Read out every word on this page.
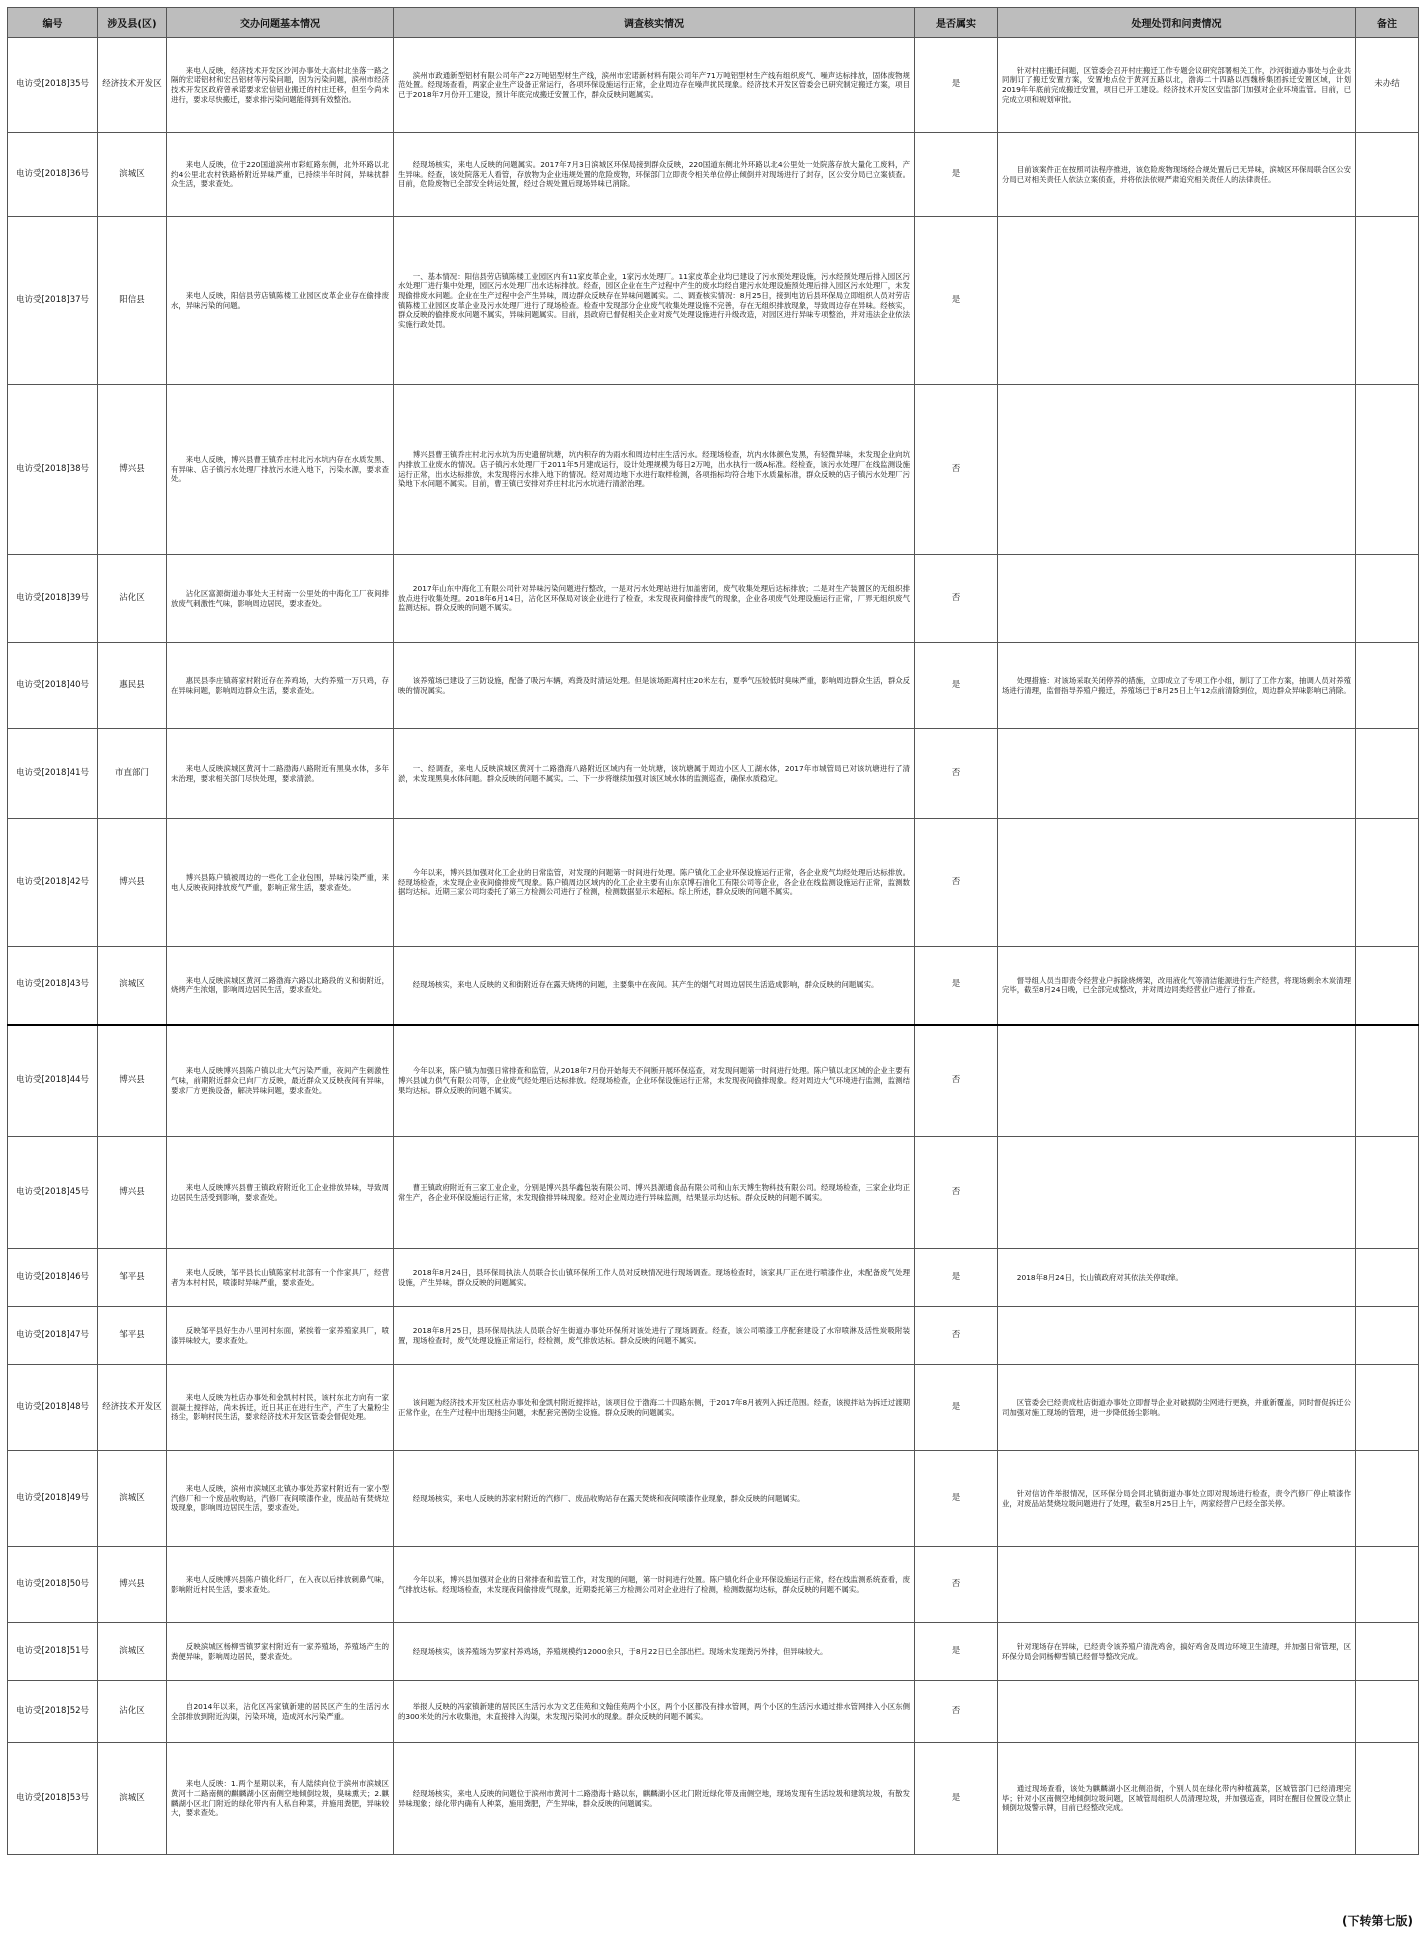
编号	涉及县(区)	交办问题基本情况	调查核实情况	是否属实	处理处罚和问责情况	备注
电访受[2018]35号	经济技术开发区	来电人反映，经济技术开发区沙河办事处大高村北坐落一路之隔的宏诺铝材和宏吕铝材等污染问题，因为污染问题，滨州市经济技术开发区政府曾承诺要求宏信铝业搬迁的村庄迁移，但至今尚未进行，要求尽快搬迁，要求排污染问题能得到有效整治。	滨州市政通新型铝材有限公司年产22万吨铝型材生产线，滨州市宏诺新材料有限公司年产71万吨铝型材生产线有组织废气、噪声达标排放，固体废物规范处置。经现场查看，两家企业生产设备正常运行，各项环保设施运行正常，企业周边存在噪声扰民现象。经济技术开发区管委会已研究制定搬迁方案，项目已于2018年7月份开工建设，预计年底完成搬迁安置工作，群众反映问题属实。	是	针对村庄搬迁问题，区管委会召开村庄搬迁工作专题会议研究部署相关工作，沙河街道办事处与企业共同制订了搬迁安置方案，安置地点位于黄河五路以北，渤海二十四路以西魏桥集团拆迁安置区域，计划2019年年底前完成搬迁安置，项目已开工建设。经济技术开发区安监部门加强对企业环境监管。目前，已完成立项和规划审批。	未办结
电访受[2018]36号	滨城区	来电人反映，位于220国道滨州市彩虹路东侧，北外环路以北约4公里北农村铁路桥附近异味严重，已持续半年时间，异味扰群众生活，要求查处。	经现场核实，来电人反映的问题属实。2017年7月3日滨城区环保局接到群众反映，220国道东侧北外环路以北4公里处一处院落存放大量化工废料，产生异味。经查，该处院落无人看管，存放物为企业违规处置的危险废物，环保部门立即责令相关单位停止倾倒并对现场进行了封存，区公安分局已立案侦查。目前，危险废物已全部安全转运处置，经过合规处置后现场异味已消除。	是	目前该案件正在按照司法程序推进，该危险废物现场经合规处置后已无异味，滨城区环保局联合区公安分局已对相关责任人依法立案侦查，并将依法依规严肃追究相关责任人的法律责任。	
电访受[2018]37号	阳信县	来电人反映，阳信县劳店镇陈楼工业园区皮革企业存在偷排废水，异味污染的问题。	一、基本情况：阳信县劳店镇陈楼工业园区内有11家皮革企业，1家污水处理厂。11家皮革企业均已建设了污水预处理设施，污水经预处理后排入园区污水处理厂进行集中处理，园区污水处理厂出水达标排放。经查，园区企业在生产过程中产生的废水均经自建污水处理设施预处理后排入园区污水处理厂，未发现偷排废水问题。企业在生产过程中会产生异味，周边群众反映存在异味问题属实。二、调查核实情况：8月25日，接到电访后县环保局立即组织人员对劳店镇陈楼工业园区皮革企业及污水处理厂进行了现场检查。检查中发现部分企业废气收集处理设施不完善，存在无组织排放现象，导致周边存在异味。经核实，群众反映的偷排废水问题不属实，异味问题属实。目前，县政府已督促相关企业对废气处理设施进行升级改造，对园区进行异味专项整治，并对违法企业依法实施行政处罚。	是		
电访受[2018]38号	博兴县	来电人反映，博兴县曹王镇乔庄村北污水坑内存在水质发黑、有异味、店子镇污水处理厂排放污水进入地下，污染水源，要求查处。	博兴县曹王镇乔庄村北污水坑为历史遗留坑塘，坑内积存的为雨水和周边村庄生活污水。经现场检查，坑内水体颜色发黑，有轻微异味，未发现企业向坑内排放工业废水的情况。店子镇污水处理厂于2011年5月建成运行，设计处理规模为每日2万吨，出水执行一级A标准。经检查，该污水处理厂在线监测设施运行正常，出水达标排放，未发现将污水排入地下的情况。经对周边地下水进行取样检测，各项指标均符合地下水质量标准，群众反映的店子镇污水处理厂污染地下水问题不属实。目前，曹王镇已安排对乔庄村北污水坑进行清淤治理。	否		
电访受[2018]39号	沾化区	沾化区富源街道办事处大王村南一公里处的中海化工厂夜间排放废气刺激性气味，影响周边居民，要求查处。	2017年山东中海化工有限公司针对异味污染问题进行整改，一是对污水处理站进行加盖密闭，废气收集处理后达标排放；二是对生产装置区的无组织排放点进行收集处理。2018年6月14日，沾化区环保局对该企业进行了检查，未发现夜间偷排废气的现象，企业各项废气处理设施运行正常，厂界无组织废气监测达标。群众反映的问题不属实。	否		
电访受[2018]40号	惠民县	惠民县李庄镇蒋家村附近存在养鸡场，大约养殖一万只鸡，存在异味问题，影响周边群众生活，要求查处。	该养殖场已建设了三防设施，配备了吸污车辆，鸡粪及时清运处理。但是该场距离村庄20米左右，夏季气压较低时臭味严重，影响周边群众生活，群众反映的情况属实。	是	处理措施：对该场采取关闭停养的措施，立即成立了专项工作小组，制订了工作方案，抽调人员对养殖场进行清理，监督指导养殖户搬迁，养殖场已于8月25日上午12点前清除到位，周边群众异味影响已消除。	
电访受[2018]41号	市直部门	来电人反映滨城区黄河十二路渤海八路附近有黑臭水体，多年未治理，要求相关部门尽快处理，要求清淤。	一、经调查，来电人反映滨城区黄河十二路渤海八路附近区域内有一处坑塘，该坑塘属于周边小区人工湖水体，2017年市城管局已对该坑塘进行了清淤，未发现黑臭水体问题。群众反映的问题不属实。二、下一步将继续加强对该区域水体的监测巡查，确保水质稳定。	否		
电访受[2018]42号	博兴县	博兴县陈户镇被周边的一些化工企业包围，异味污染严重，来电人反映夜间排放废气严重，影响正常生活，要求查处。	今年以来，博兴县加强对化工企业的日常监管，对发现的问题第一时间进行处理。陈户镇化工企业环保设施运行正常，各企业废气均经处理后达标排放。经现场检查，未发现企业夜间偷排废气现象。陈户镇周边区域内的化工企业主要有山东京博石油化工有限公司等企业，各企业在线监测设施运行正常，监测数据均达标。近期三家公司均委托了第三方检测公司进行了检测，检测数据显示未超标。综上所述，群众反映的问题不属实。	否		
电访受[2018]43号	滨城区	来电人反映滨城区黄河二路渤海六路以北路段的义和街附近，烧烤产生浓烟，影响周边居民生活，要求查处。	经现场核实，来电人反映的义和街附近存在露天烧烤的问题，主要集中在夜间。其产生的烟气对周边居民生活造成影响，群众反映的问题属实。	是	督导组人员当即责令经营业户拆除烧烤架，改用液化气等清洁能源进行生产经营，将现场剩余木炭清理完毕，截至8月24日晚，已全部完成整改，并对周边同类经营业户进行了排查。	
电访受[2018]44号	博兴县	来电人反映博兴县陈户镇以北大气污染严重，夜间产生刺激性气味，前期附近群众已向厂方反映，最近群众又反映夜间有异味，要求厂方更换设备，解决异味问题，要求查处。	今年以来，陈户镇为加强日常排查和监管，从2018年7月份开始每天不间断开展环保巡查，对发现问题第一时间进行处理。陈户镇以北区域的企业主要有博兴县诚力供气有限公司等，企业废气经处理后达标排放。经现场检查，企业环保设施运行正常，未发现夜间偷排现象。经对周边大气环境进行监测，监测结果均达标。群众反映的问题不属实。	否		
电访受[2018]45号	博兴县	来电人反映博兴县曹王镇政府附近化工企业排放异味，导致周边居民生活受到影响，要求查处。	曹王镇政府附近有三家工业企业，分别是博兴县华鑫包装有限公司、博兴县源通食品有限公司和山东天博生物科技有限公司。经现场检查，三家企业均正常生产，各企业环保设施运行正常，未发现偷排异味现象。经对企业周边进行异味监测，结果显示均达标。群众反映的问题不属实。	否		
电访受[2018]46号	邹平县	来电人反映，邹平县长山镇陈家村北部有一个作家具厂，经营者为本村村民，喷漆时异味严重，要求查处。	2018年8月24日，县环保局执法人员联合长山镇环保所工作人员对反映情况进行现场调查。现场检查时，该家具厂正在进行喷漆作业，未配备废气处理设施，产生异味，群众反映的问题属实。	是	2018年8月24日，长山镇政府对其依法关停取缔。	
电访受[2018]47号	邹平县	反映邹平县好生办八里河村东面，紧挨着一家养殖家具厂，喷漆异味较大，要求查处。	2018年8月25日，县环保局执法人员联合好生街道办事处环保所对该处进行了现场调查。经查，该公司喷漆工序配套建设了水帘喷淋及活性炭吸附装置，现场检查时，废气处理设施正常运行，经检测，废气排放达标。群众反映的问题不属实。	否		
电访受[2018]48号	经济技术开发区	来电人反映为杜店办事处和金凯村村民，该村东北方向有一家混凝土搅拌站，尚未拆迁，近日其正在进行生产，产生了大量粉尘扬尘，影响村民生活，要求经济技术开发区管委会督促处理。	该问题为经济技术开发区杜店办事处和金凯村附近搅拌站，该项目位于渤海二十四路东侧，于2017年8月被列入拆迁范围。经查，该搅拌站为拆迁过渡期正常作业，在生产过程中出现扬尘问题，未配套完善防尘设施。群众反映的问题属实。	是	区管委会已经责成杜店街道办事处立即督导企业对破损防尘网进行更换，并重新覆盖，同时督促拆迁公司加强对施工现场的管理，进一步降低扬尘影响。	
电访受[2018]49号	滨城区	来电人反映，滨州市滨城区北镇办事处苏家村附近有一家小型汽修厂和一个废品收购站，汽修厂夜间喷漆作业，废品站有焚烧垃圾现象，影响周边居民生活，要求查处。	经现场核实，来电人反映的苏家村附近的汽修厂、废品收购站存在露天焚烧和夜间喷漆作业现象，群众反映的问题属实。	是	针对信访件举报情况，区环保分局会同北镇街道办事处立即对现场进行检查，责令汽修厂停止喷漆作业，对废品站焚烧垃圾问题进行了处理，截至8月25日上午，两家经营户已经全部关停。	
电访受[2018]50号	博兴县	来电人反映博兴县陈户镇化纤厂，在入夜以后排放刺鼻气味，影响附近村民生活，要求查处。	今年以来，博兴县加强对企业的日常排查和监管工作，对发现的问题，第一时间进行处置。陈户镇化纤企业环保设施运行正常，经在线监测系统查看，废气排放达标。经现场检查，未发现夜间偷排废气现象，近期委托第三方检测公司对企业进行了检测，检测数据均达标，群众反映的问题不属实。	否		
电访受[2018]51号	滨城区	反映滨城区杨柳雪镇罗家村附近有一家养殖场，养殖场产生的粪便异味，影响周边居民，要求查处。	经现场核实，该养殖场为罗家村养鸡场，养殖规模约12000余只，于8月22日已全部出栏。现场未发现粪污外排，但异味较大。	是	针对现场存在异味，已经责令该养殖户清洗鸡舍，搞好鸡舍及周边环境卫生清理，并加强日常管理，区环保分局会同杨柳雪镇已经督导整改完成。	
电访受[2018]52号	沾化区	自2014年以来，沾化区冯家镇新建的居民区产生的生活污水全部排放到附近沟渠，污染环境，造成河水污染严重。	举报人反映的冯家镇新建的居民区生活污水为文艺佳苑和文翰佳苑两个小区，两个小区都没有排水管网，两个小区的生活污水通过排水管网排入小区东侧的300米处的污水收集池，未直接排入沟渠，未发现污染河水的现象。群众反映的问题不属实。	否		
电访受[2018]53号	滨城区	来电人反映：1.两个星期以来，有人陆续向位于滨州市滨城区黄河十二路南侧的麒麟湖小区南侧空地倾倒垃圾，臭味熏天；2.麒麟湖小区北门附近的绿化带内有人私自种菜，并施用粪肥，异味较大，要求查处。	经现场核实，来电人反映的问题位于滨州市黄河十二路渤海十路以东，麒麟湖小区北门附近绿化带及南侧空地，现场发现有生活垃圾和建筑垃圾，有散发异味现象；绿化带内确有人种菜，施用粪肥，产生异味，群众反映的问题属实。	是	通过现场查看，该处为麒麟湖小区北侧沿街，个别人员在绿化带内种植蔬菜，区城管部门已经清理完毕；针对小区南侧空地倾倒垃圾问题，区城管局组织人员清理垃圾，并加强巡查，同时在醒目位置设立禁止倾倒垃圾警示牌，目前已经整改完成。	
(下转第七版)
